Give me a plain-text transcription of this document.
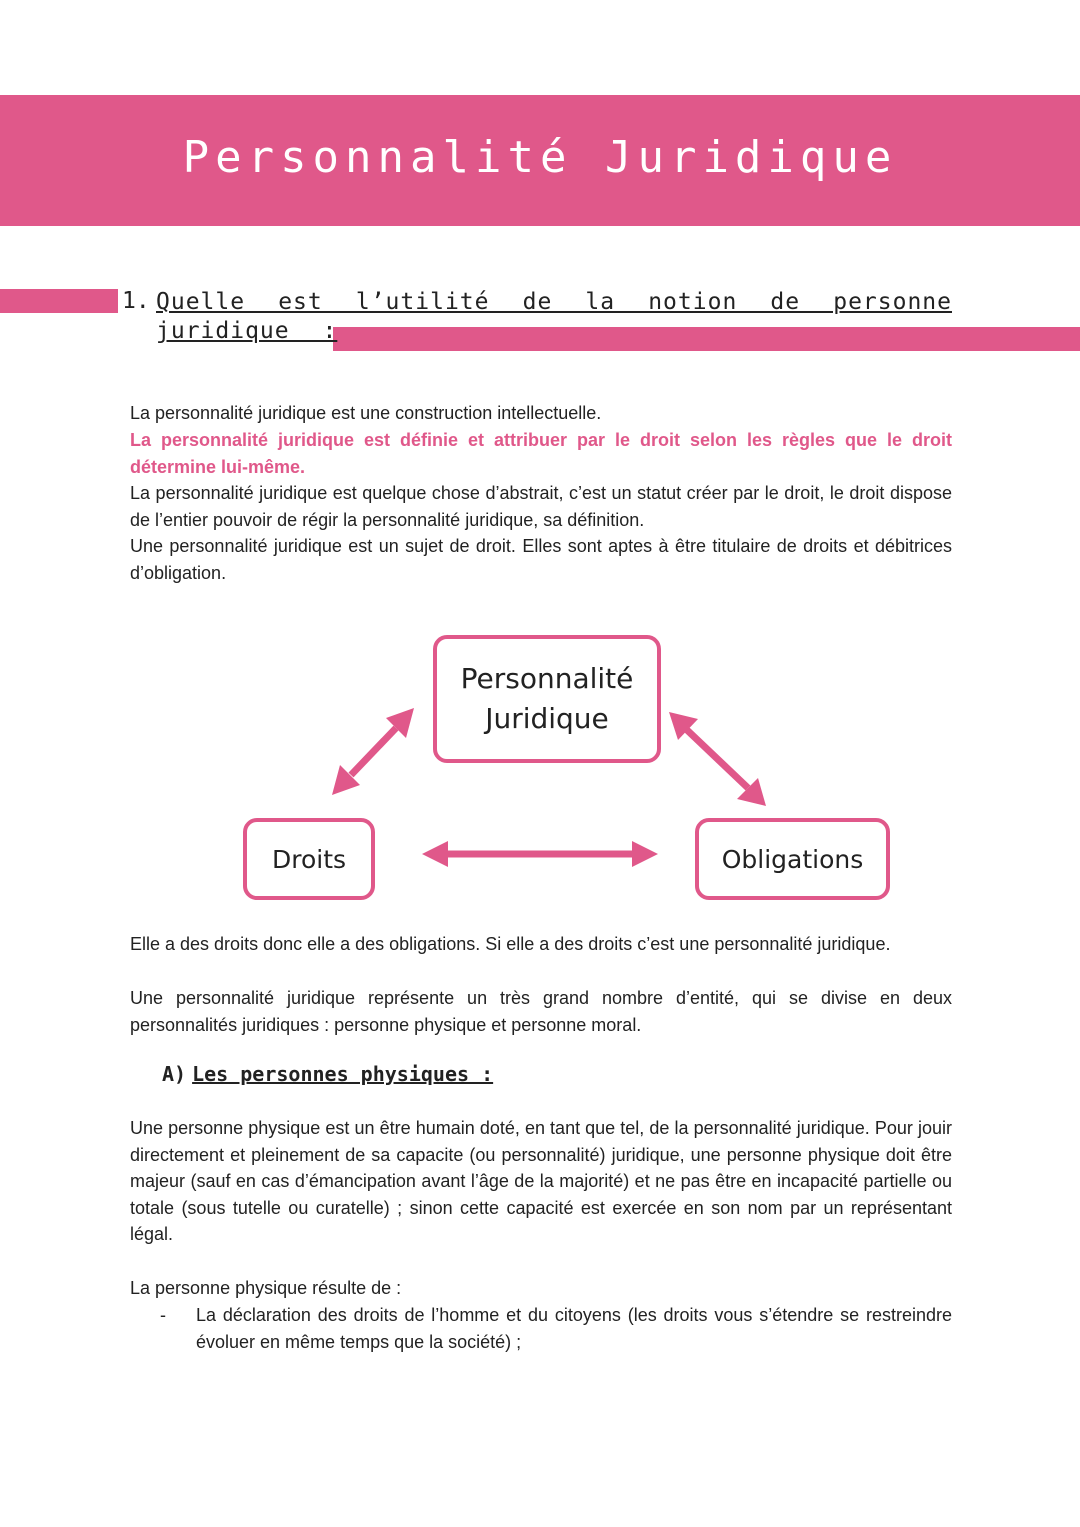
Personnalité Juridique
1. Quelle est l’utilité de la notion de personne juridique :

La personnalité juridique est une construction intellectuelle.

La personnalité juridique est définie et attribuer par le droit selon les règles que le droit détermine lui-même.

La personnalité juridique est quelque chose d’abstrait, c’est un statut créer par le droit, le droit dispose de l’entier pouvoir de régir la personnalité juridique, sa définition.

Une personnalité juridique est un sujet de droit. Elles sont aptes à être titulaire de droits et débitrices d’obligation.

Personnalité
Juridique
Droits	Obligations

Elle a des droits donc elle a des obligations. Si elle a des droits c’est une personnalité juridique.

Une personnalité juridique représente un très grand nombre d’entité, qui se divise en deux personnalités juridiques : personne physique et personne moral.

A) Les personnes physiques :

Une personne physique est un être humain doté, en tant que tel, de la personnalité juridique. Pour jouir directement et pleinement de sa capacite (ou personnalité) juridique, une personne physique doit être majeur (sauf en cas d’émancipation avant l’âge de la majorité) et ne pas être en incapacité partielle ou totale (sous tutelle ou curatelle) ; sinon cette capacité est exercée en son nom par un représentant légal.

La personne physique résulte de :

- La déclaration des droits de l’homme et du citoyens (les droits vous s’étendre se restreindre évoluer en même temps que la société) ;
